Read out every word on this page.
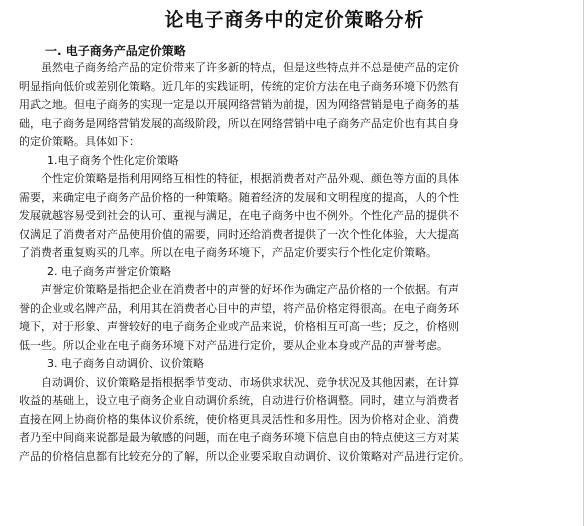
论电子商务中的定价策略分析
一. 电子商务产品定价策略
虽然电子商务给产品的定价带来了许多新的特点，但是这些特点并不总是使产品的定价
明显指向低价或差别化策略。近几年的实践证明，传统的定价方法在电子商务环境下仍然有
用武之地。但电子商务的实现一定是以开展网络营销为前提，因为网络营销是电子商务的基
础，电子商务是网络营销发展的高级阶段，所以在网络营销中电子商务产品定价也有其自身
的定价策略。具体如下：
1.电子商务个性化定价策略
个性定价策略是指利用网络互相性的特征，根据消费者对产品外观、颜色等方面的具体
需要，来确定电子商务产品价格的一种策略。随着经济的发展和文明程度的提高，人的个性
发展就越容易受到社会的认可、重视与满足，在电子商务中也不例外。个性化产品的提供不
仅满足了消费者对产品使用价值的需要，同时还给消费者提供了一次个性化体验，大大提高
了消费者重复购买的几率。所以在电子商务环境下，产品定价要实行个性化定价策略。
2. 电子商务声誉定价策略
声誉定价策略是指把企业在消费者中的声誉的好坏作为确定产品价格的一个依据。有声
誉的企业或名牌产品，利用其在消费者心目中的声望，将产品价格定得很高。在电子商务环
境下，对于形象、声誉较好的电子商务企业或产品来说，价格相互可高一些；反之，价格则
低一些。所以企业在电子商务环境下对产品进行定价，要从企业本身或产品的声誉考虑。
3. 电子商务自动调价、议价策略
自动调价、议价策略是指根据季节变动、市场供求状况、竞争状况及其他因素，在计算
收益的基础上，设立电子商务企业自动调价系统，自动进行价格调整。同时，建立与消费者
直接在网上协商价格的集体议价系统，使价格更具灵活性和多用性。因为价格对企业、消费
者乃至中间商来说都是最为敏感的问题，而在电子商务环境下信息自由的特点使这三方对某
产品的价格信息都有比较充分的了解，所以企业要采取自动调价、议价策略对产品进行定价。
